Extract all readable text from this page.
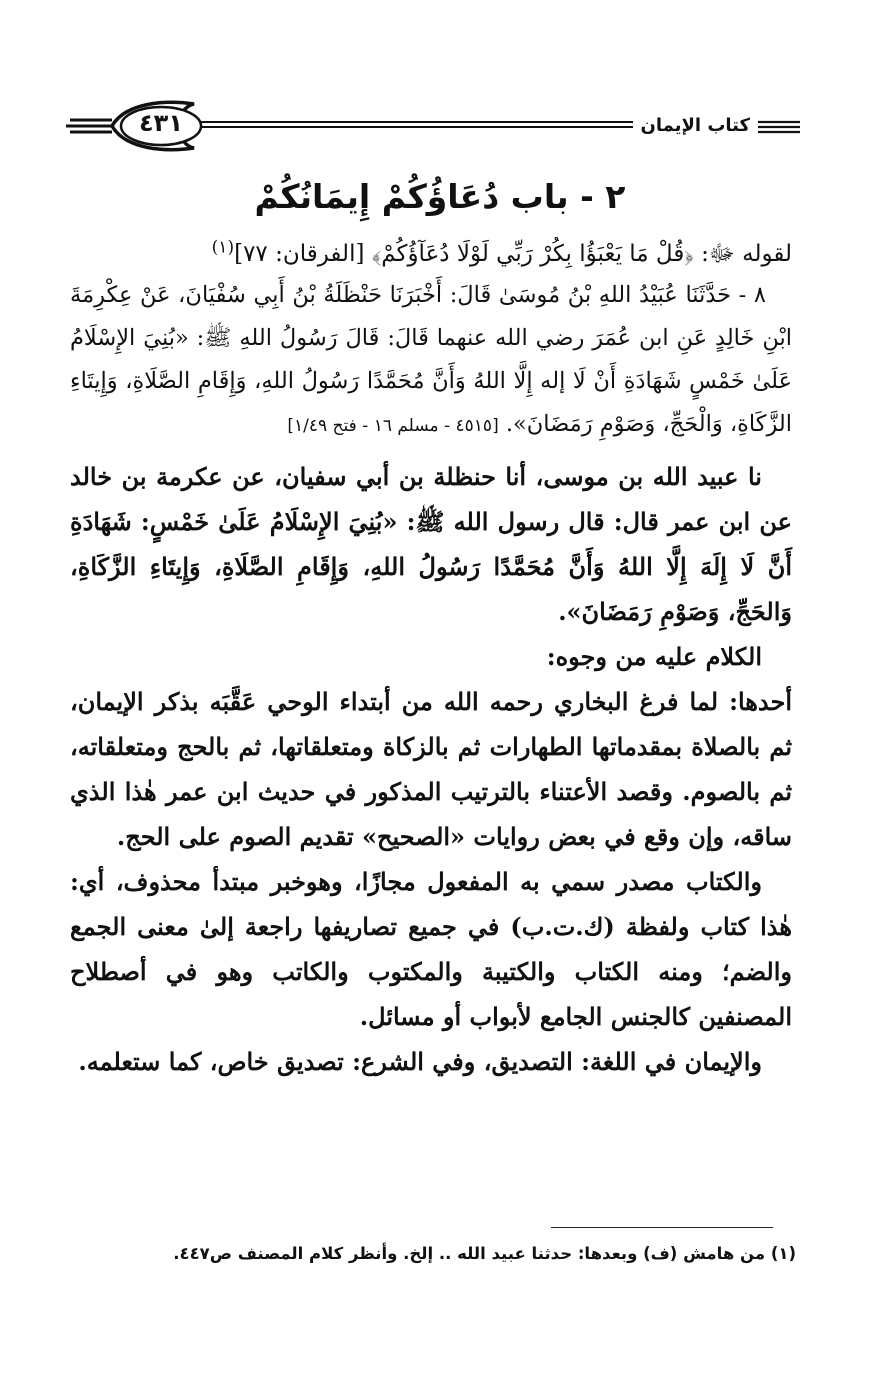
كتاب الإيمان
٤٣١
٢ - باب دُعَاؤُكُمْ إِيمَانُكُمْ

لقوله ﷻ: ﴿قُلْ مَا يَعْبَؤُا بِكُرْ رَبِّي لَوْلَا دُعَآؤُكُمْ﴾ [الفرقان: ٧٧]$^{(١)}$

٨ - حَدَّثَنَا عُبَيْدُ اللهِ بْنُ مُوسَىٰ قَالَ: أَخْبَرَنَا حَنْظَلَةُ بْنُ أَبِي سُفْيَانَ، عَنْ عِكْرِمَةَ ابْنِ خَالِدٍ عَنِ ابن عُمَرَ رضي الله عنهما قَالَ: قَالَ رَسُولُ اللهِ ﷺ: «بُنِيَ الإِسْلَامُ عَلَىٰ خَمْسٍ شَهَادَةِ أَنْ لَا إله إِلَّا اللهُ وَأَنَّ مُحَمَّدًا رَسُولُ اللهِ، وَإِقَامِ الصَّلَاةِ، وَإِيتَاءِ الزَّكَاةِ، وَالْحَجِّ، وَصَوْمِ رَمَضَانَ». [٤٥١٥ - مسلم ١٦ - فتح ١/٤٩]

نا عبيد الله بن موسى، أنا حنظلة بن أبي سفيان، عن عكرمة بن خالد عن ابن عمر قال: قال رسول الله ﷺ: «بُنِيَ الإِسْلَامُ عَلَىٰ خَمْسٍ: شَهَادَةِ أَنَّ لَا إِلَهَ إِلَّا اللهُ وَأَنَّ مُحَمَّدًا رَسُولُ اللهِ، وَإِقَامِ الصَّلَاةِ، وَإِيتَاءِ الزَّكَاةِ، وَالحَجِّ، وَصَوْمِ رَمَضَانَ».

الكلام عليه من وجوه:

أحدها: لما فرغ البخاري رحمه الله من أبتداء الوحي عَقَّبَه بذكر الإيمان، ثم بالصلاة بمقدماتها الطهارات ثم بالزكاة ومتعلقاتها، ثم بالحج ومتعلقاته، ثم بالصوم. وقصد الأعتناء بالترتيب المذكور في حديث ابن عمر هٰذا الذي ساقه، وإن وقع في بعض روايات «الصحيح» تقديم الصوم على الحج.

والكتاب مصدر سمي به المفعول مجازًا، وهوخبر مبتدأ محذوف، أي: هٰذا كتاب ولفظة (ك.ت.ب) في جميع تصاريفها راجعة إلىٰ معنى الجمع والضم؛ ومنه الكتاب والكتيبة والمكتوب والكاتب وهو في أصطلاح المصنفين كالجنس الجامع لأبواب أو مسائل.

والإيمان في اللغة: التصديق، وفي الشرع: تصديق خاص، كما ستعلمه.

(١) من هامش (ف) وبعدها: حدثنا عبيد الله .. إلخ. وأنظر كلام المصنف ص٤٤٧.
